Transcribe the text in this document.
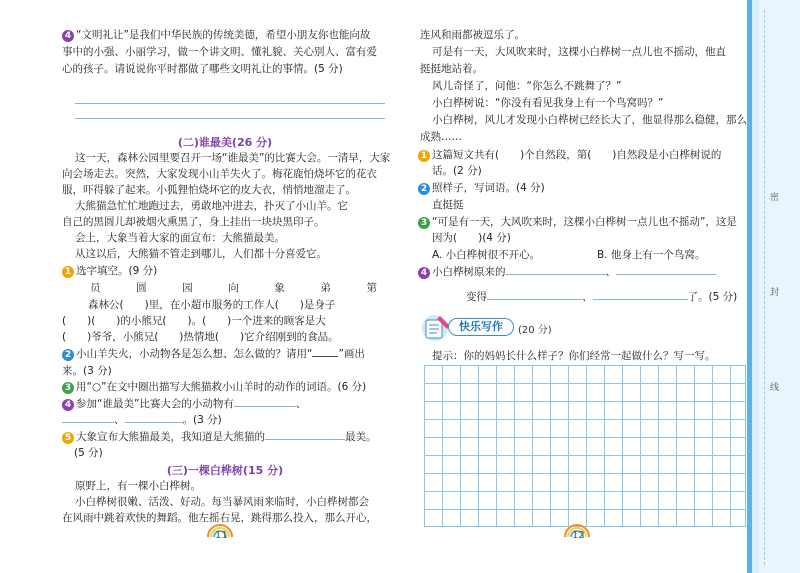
4 “文明礼让”是我们中华民族的传统美德，希望小朋友你也能向故
事中的小强、小丽学习，做一个讲文明、懂礼貌、关心别人、富有爱
心的孩子。请说说你平时都做了哪些文明礼让的事情。(5 分)
(二)谁最美(26 分)
这一天，森林公园里要召开一场“谁最美”的比赛大会。一清早，大家
向会场走去。突然，大家发现小山羊失火了。梅花鹿怕烧坏它的花衣
服，吓得躲了起来。小狐狸怕烧坏它的皮大衣，悄悄地溜走了。
大熊猫急忙忙地跑过去，勇敢地冲进去，扑灭了小山羊。它
自己的黑圆儿却被烟火熏黑了，身上挂出一块块黑印子。
会上，大象当着大家的面宣布：大熊猫最美。
从这以后，大熊猫不管走到哪儿，人们都十分喜爱它。
1 选字填空。(9 分)
员	圆	园	向	象	弟	第
森林公(　　)里，在小超市服务的工作人(　　)是身子
(　　)(　　)的小熊兄(　　)。(　　)一个进来的顾客是大
(　　)爷爷，小熊兄(　　)热情地(　　)它介绍刚到的食品。
2 小山羊失火，小动物各是怎么想、怎么做的？请用“ ”画出
来。(3 分)
3 用“○”在文中圈出描写大熊猫救小山羊时的动作的词语。(6 分)
4 参加“谁最美”比赛大会的小动物有	、
、	。(3 分)
5 大象宣布大熊猫最美，我知道是大熊猫的	最美。
(5 分)
(三)一棵白桦树(15 分)
原野上，有一棵小白桦树。
小白桦树很嫩、活泼、好动。每当暴风雨来临时，小白桦树都会
在风雨中跳着欢快的舞蹈。他左摇右晃，跳得那么投入，那么开心，
11
连风和雨都被逗乐了。
可是有一天，大风吹来时，这棵小白桦树一点儿也不摇动，他直
挺挺地站着。
风儿奇怪了，问他：“你怎么不跳舞了？”
小白桦树说：“你没有看见我身上有一个鸟窝吗？”
小白桦树，风儿才发现小白桦树已经长大了，他显得那么稳健，那么
成熟……
1 这篇短文共有(　　)个自然段，第(　　)自然段是小白桦树说的
话。(2 分)
2 照样子，写词语。(4 分)
直挺挺
3 “可是有一天，大风吹来时，这棵小白桦树一点儿也不摇动”，这是
因为(　　)(4 分)
A. 小白桦树很不开心。	B. 他身上有一个鸟窝。
4 小白桦树原来的	、
变得	、	了。(5 分)
快乐写作	(20 分)
提示：你的妈妈长什么样子？你们经常一起做什么？写一写。
12
密
封
线
